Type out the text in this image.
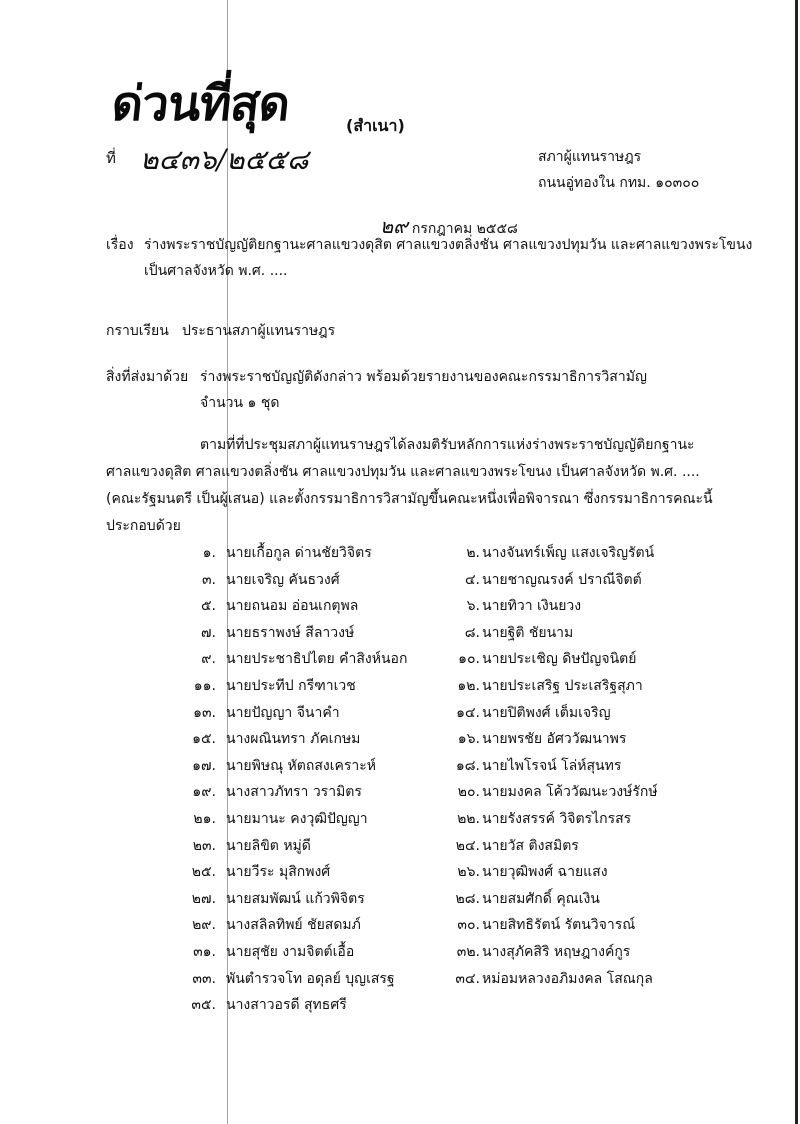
ด่วนที่สุด
ที่ ๒๔๓๖/๒๕๕๘
(สำเนา)
สภาผู้แทนราษฎร
ถนนอู่ทองใน กทม. ๑๐๓๐๐
๒๙ กรกฎาคม ๒๕๕๘
เรื่อง ร่างพระราชบัญญัติยกฐานะศาลแขวงดุสิต ศาลแขวงตลิ่งชัน ศาลแขวงปทุมวัน และศาลแขวงพระโขนง
เป็นศาลจังหวัด พ.ศ. ....
กราบเรียน ประธานสภาผู้แทนราษฎร
สิ่งที่ส่งมาด้วย ร่างพระราชบัญญัติดังกล่าว พร้อมด้วยรายงานของคณะกรรมาธิการวิสามัญ
จำนวน ๑ ชุด
ตามที่ที่ประชุมสภาผู้แทนราษฎรได้ลงมติรับหลักการแห่งร่างพระราชบัญญัติยกฐานะ
ศาลแขวงดุสิต ศาลแขวงตลิ่งชัน ศาลแขวงปทุมวัน และศาลแขวงพระโขนง เป็นศาลจังหวัด พ.ศ. ....
(คณะรัฐมนตรี เป็นผู้เสนอ) และตั้งกรรมาธิการวิสามัญขึ้นคณะหนึ่งเพื่อพิจารณา ซึ่งกรรมาธิการคณะนี้
ประกอบด้วย
๑. นายเกื้อกูล ด่านชัยวิจิตร	๒. นางจันทร์เพ็ญ แสงเจริญรัตน์
๓. นายเจริญ คันธวงศ์	๔. นายชาญณรงค์ ปราณีจิตต์
๕. นายถนอม อ่อนเกตุพล	๖. นายทิวา เงินยวง
๗. นายธราพงษ์ สีลาวงษ์	๘. นายฐิติ ชัยนาม
๙. นายประชาธิปไตย คำสิงห์นอก	๑๐. นายประเชิญ ดิษปัญจนิตย์
๑๑. นายประทีป กรีฑาเวช	๑๒. นายประเสริฐ ประเสริฐสุภา
๑๓. นายปัญญา จีนาคำ	๑๔. นายปิติพงศ์ เต็มเจริญ
๑๕. นางผณินทรา ภัคเกษม	๑๖. นายพรชัย อัศววัฒนาพร
๑๗. นายพิษณุ หัตถสงเคราะห์	๑๘. นายไพโรจน์ โล่ห์สุนทร
๑๙. นางสาวภัทรา วรามิตร	๒๐. นายมงคล โค้ววัฒนะวงษ์รักษ์
๒๑. นายมานะ คงวุฒิปัญญา	๒๒. นายรังสรรค์ วิจิตรไกรสร
๒๓. นายลิขิต หมู่ดี	๒๔. นายวัส ติงสมิตร
๒๕. นายวีระ มุสิกพงศ์	๒๖. นายวุฒิพงศ์ ฉายแสง
๒๗. นายสมพัฒน์ แก้วพิจิตร	๒๘. นายสมศักดิ์ คุณเงิน
๒๙. นางสลิลทิพย์ ชัยสดมภ์	๓๐. นายสิทธิรัตน์ รัตนวิจารณ์
๓๑. นายสุชัย งามจิตต์เอื้อ	๓๒. นางสุภัคสิริ หฤษฎางค์กูร
๓๓. พันตำรวจโท อดุลย์ บุญเสรฐ	๓๔. หม่อมหลวงอภิมงคล โสณกุล
๓๕. นางสาวอรดี สุทธศรี
